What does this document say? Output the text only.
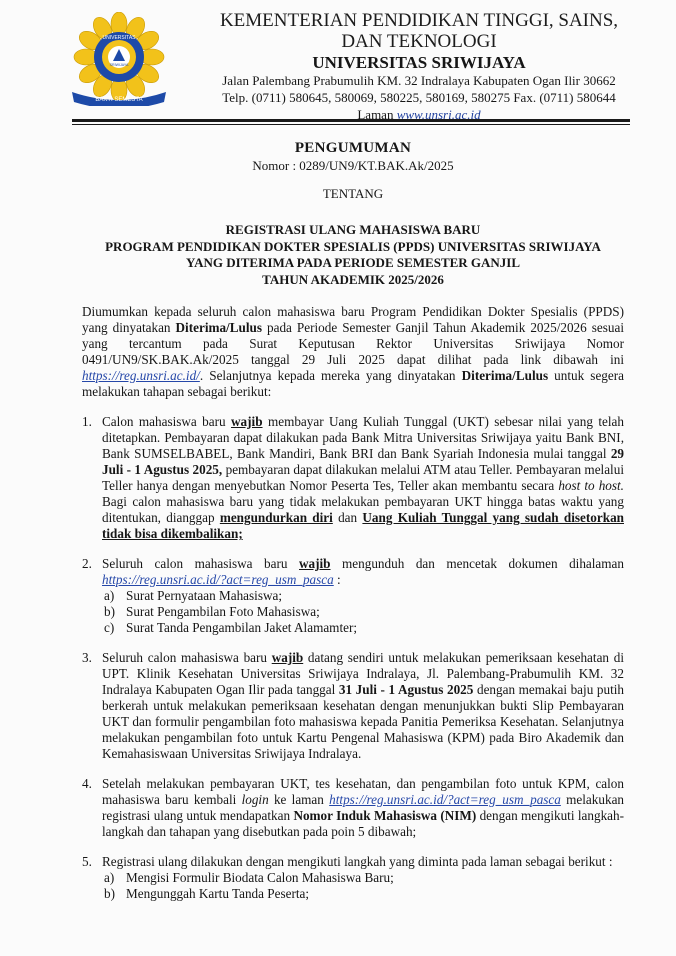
UNIVERSITAS
SRIWIJAYA
BAKTI SEMESTA
KEMENTERIAN PENDIDIKAN TINGGI, SAINS,
DAN TEKNOLOGI
UNIVERSITAS SRIWIJAYA
Jalan Palembang Prabumulih KM. 32 Indralaya Kabupaten Ogan Ilir 30662
Telp. (0711) 580645, 580069, 580225, 580169, 580275 Fax. (0711) 580644
Laman www.unsri.ac.id
PENGUMUMAN
Nomor : 0289/UN9/KT.BAK.Ak/2025
TENTANG
REGISTRASI ULANG MAHASISWA BARU
PROGRAM PENDIDIKAN DOKTER SPESIALIS (PPDS) UNIVERSITAS SRIWIJAYA
YANG DITERIMA PADA PERIODE SEMESTER GANJIL
TAHUN AKADEMIK 2025/2026

Diumumkan kepada seluruh calon mahasiswa baru Program Pendidikan Dokter Spesialis (PPDS) yang dinyatakan Diterima/Lulus pada Periode Semester Ganjil Tahun Akademik 2025/2026 sesuai yang tercantum pada Surat Keputusan Rektor Universitas Sriwijaya Nomor 0491/UN9/SK.BAK.Ak/2025 tanggal 29 Juli 2025 dapat dilihat pada link dibawah ini https://reg.unsri.ac.id/. Selanjutnya kepada mereka yang dinyatakan Diterima/Lulus untuk segera melakukan tahapan sebagai berikut:

1. Calon mahasiswa baru wajib membayar Uang Kuliah Tunggal (UKT) sebesar nilai yang telah ditetapkan. Pembayaran dapat dilakukan pada Bank Mitra Universitas Sriwijaya yaitu Bank BNI, Bank SUMSELBABEL, Bank Mandiri, Bank BRI dan Bank Syariah Indonesia mulai tanggal 29 Juli - 1 Agustus 2025, pembayaran dapat dilakukan melalui ATM atau Teller. Pembayaran melalui Teller hanya dengan menyebutkan Nomor Peserta Tes, Teller akan membantu secara host to host. Bagi calon mahasiswa baru yang tidak melakukan pembayaran UKT hingga batas waktu yang ditentukan, dianggap mengundurkan diri dan Uang Kuliah Tunggal yang sudah disetorkan tidak bisa dikembalikan;
2. Seluruh calon mahasiswa baru wajib mengunduh dan mencetak dokumen dihalaman https://reg.unsri.ac.id/?act=reg_usm_pasca :
a) Surat Pernyataan Mahasiswa;
b) Surat Pengambilan Foto Mahasiswa;
c) Surat Tanda Pengambilan Jaket Alamamter;
3. Seluruh calon mahasiswa baru wajib datang sendiri untuk melakukan pemeriksaan kesehatan di UPT. Klinik Kesehatan Universitas Sriwijaya Indralaya, Jl. Palembang-Prabumulih KM. 32 Indralaya Kabupaten Ogan Ilir pada tanggal 31 Juli - 1 Agustus 2025 dengan memakai baju putih berkerah untuk melakukan pemeriksaan kesehatan dengan menunjukkan bukti Slip Pembayaran UKT dan formulir pengambilan foto mahasiswa kepada Panitia Pemeriksa Kesehatan. Selanjutnya melakukan pengambilan foto untuk Kartu Pengenal Mahasiswa (KPM) pada Biro Akademik dan Kemahasiswaan Universitas Sriwijaya Indralaya.
4. Setelah melakukan pembayaran UKT, tes kesehatan, dan pengambilan foto untuk KPM, calon mahasiswa baru kembali login ke laman https://reg.unsri.ac.id/?act=reg_usm_pasca melakukan registrasi ulang untuk mendapatkan Nomor Induk Mahasiswa (NIM) dengan mengikuti langkah-langkah dan tahapan yang disebutkan pada poin 5 dibawah;
5. Registrasi ulang dilakukan dengan mengikuti langkah yang diminta pada laman sebagai berikut :
a) Mengisi Formulir Biodata Calon Mahasiswa Baru;
b) Mengunggah Kartu Tanda Peserta;
